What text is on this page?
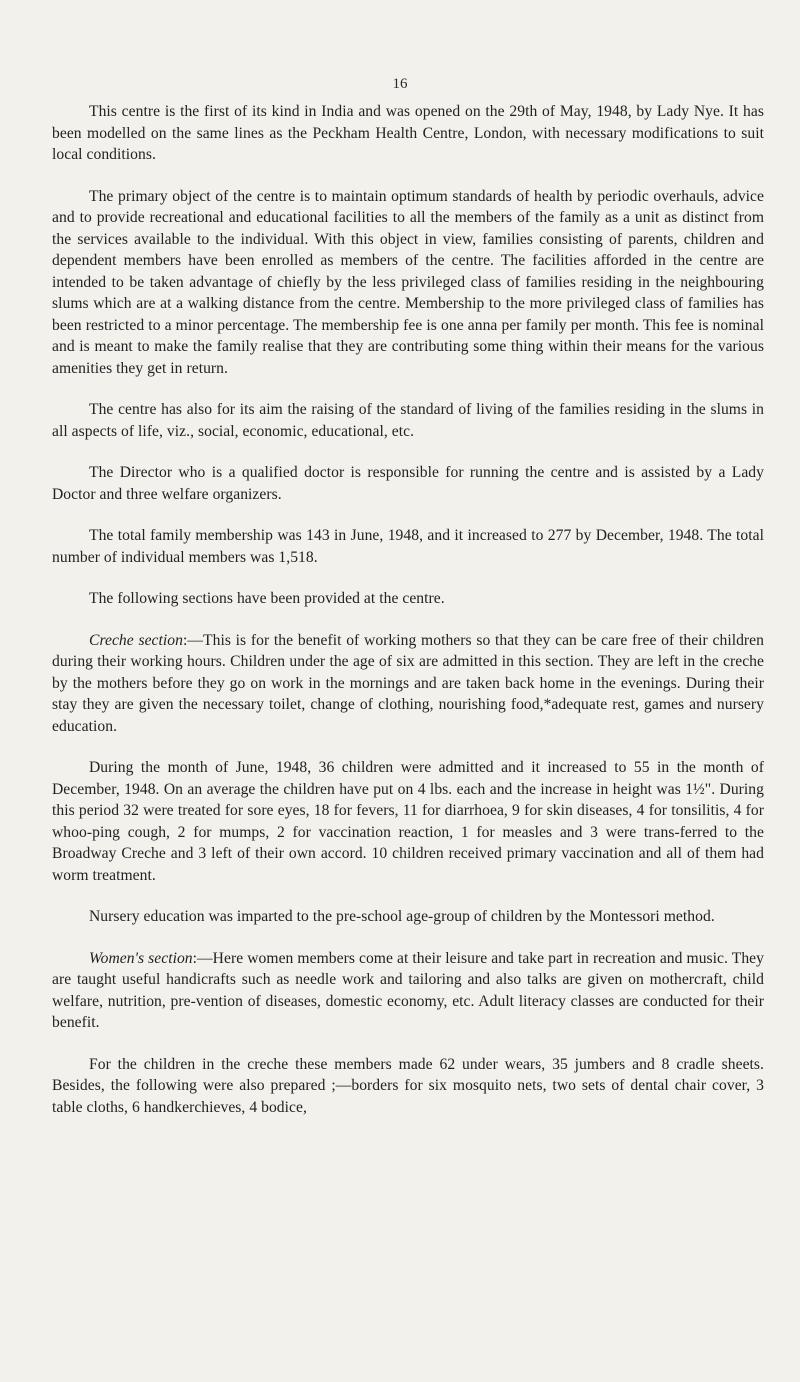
16

This centre is the first of its kind in India and was opened on the 29th of May, 1948, by Lady Nye. It has been modelled on the same lines as the Peckham Health Centre, London, with necessary modifications to suit local conditions.

The primary object of the centre is to maintain optimum standards of health by periodic overhauls, advice and to provide recreational and educational facilities to all the members of the family as a unit as distinct from the services available to the individual. With this object in view, families consisting of parents, children and dependent members have been enrolled as members of the centre. The facilities afforded in the centre are intended to be taken advantage of chiefly by the less privileged class of families residing in the neighbouring slums which are at a walking distance from the centre. Membership to the more privileged class of families has been restricted to a minor percentage. The membership fee is one anna per family per month. This fee is nominal and is meant to make the family realise that they are contributing some thing within their means for the various amenities they get in return.

The centre has also for its aim the raising of the standard of living of the families residing in the slums in all aspects of life, viz., social, economic, educational, etc.

The Director who is a qualified doctor is responsible for running the centre and is assisted by a Lady Doctor and three welfare organizers.

The total family membership was 143 in June, 1948, and it increased to 277 by December, 1948. The total number of individual members was 1,518.

The following sections have been provided at the centre.

Creche section:—This is for the benefit of working mothers so that they can be care free of their children during their working hours. Children under the age of six are admitted in this section. They are left in the creche by the mothers before they go on work in the mornings and are taken back home in the evenings. During their stay they are given the necessary toilet, change of clothing, nourishing food,*adequate rest, games and nursery education.

During the month of June, 1948, 36 children were admitted and it increased to 55 in the month of December, 1948. On an average the children have put on 4 lbs. each and the increase in height was 1½". During this period 32 were treated for sore eyes, 18 for fevers, 11 for diarrhoea, 9 for skin diseases, 4 for tonsilitis, 4 for whoo-ping cough, 2 for mumps, 2 for vaccination reaction, 1 for measles and 3 were trans-ferred to the Broadway Creche and 3 left of their own accord. 10 children received primary vaccination and all of them had worm treatment.

Nursery education was imparted to the pre-school age-group of children by the Montessori method.

Women's section:—Here women members come at their leisure and take part in recreation and music. They are taught useful handicrafts such as needle work and tailoring and also talks are given on mothercraft, child welfare, nutrition, pre-vention of diseases, domestic economy, etc. Adult literacy classes are conducted for their benefit.

For the children in the creche these members made 62 under wears, 35 jumbers and 8 cradle sheets. Besides, the following were also prepared ;—borders for six mosquito nets, two sets of dental chair cover, 3 table cloths, 6 handkerchieves, 4 bodice,
